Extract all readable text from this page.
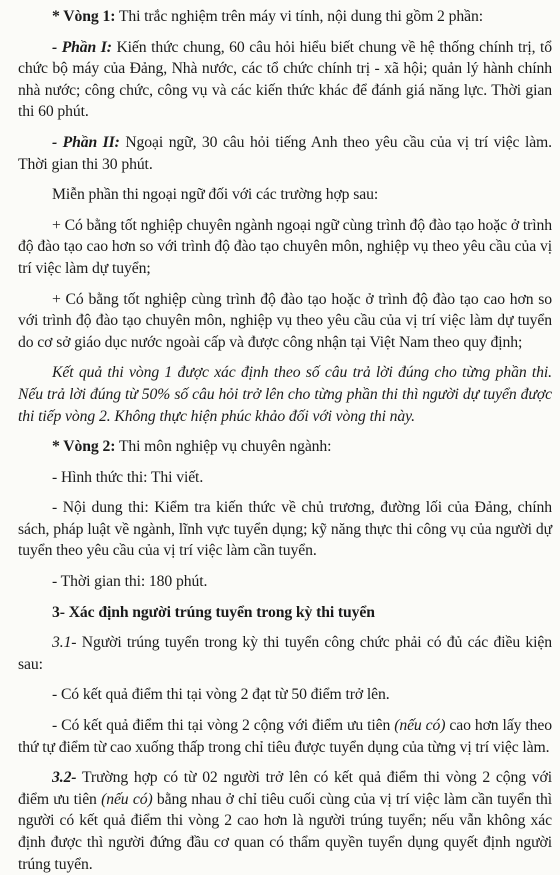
* Vòng 1: Thi trắc nghiệm trên máy vi tính, nội dung thi gồm 2 phần:

- Phần I: Kiến thức chung, 60 câu hỏi hiểu biết chung về hệ thống chính trị, tổ chức bộ máy của Đảng, Nhà nước, các tổ chức chính trị - xã hội; quản lý hành chính nhà nước; công chức, công vụ và các kiến thức khác để đánh giá năng lực. Thời gian thi 60 phút.

- Phần II: Ngoại ngữ, 30 câu hỏi tiếng Anh theo yêu cầu của vị trí việc làm. Thời gian thi 30 phút.

Miễn phần thi ngoại ngữ đối với các trường hợp sau:

+ Có bằng tốt nghiệp chuyên ngành ngoại ngữ cùng trình độ đào tạo hoặc ở trình độ đào tạo cao hơn so với trình độ đào tạo chuyên môn, nghiệp vụ theo yêu cầu của vị trí việc làm dự tuyển;

+ Có bằng tốt nghiệp cùng trình độ đào tạo hoặc ở trình độ đào tạo cao hơn so với trình độ đào tạo chuyên môn, nghiệp vụ theo yêu cầu của vị trí việc làm dự tuyển do cơ sở giáo dục nước ngoài cấp và được công nhận tại Việt Nam theo quy định;

Kết quả thi vòng 1 được xác định theo số câu trả lời đúng cho từng phần thi. Nếu trả lời đúng từ 50% số câu hỏi trở lên cho từng phần thi thì người dự tuyển được thi tiếp vòng 2. Không thực hiện phúc khảo đối với vòng thi này.

* Vòng 2: Thi môn nghiệp vụ chuyên ngành:

- Hình thức thi: Thi viết.

- Nội dung thi: Kiểm tra kiến thức về chủ trương, đường lối của Đảng, chính sách, pháp luật về ngành, lĩnh vực tuyển dụng; kỹ năng thực thi công vụ của người dự tuyển theo yêu cầu của vị trí việc làm cần tuyển.

- Thời gian thi: 180 phút.

3- Xác định người trúng tuyển trong kỳ thi tuyển

3.1- Người trúng tuyển trong kỳ thi tuyển công chức phải có đủ các điều kiện sau:

- Có kết quả điểm thi tại vòng 2 đạt từ 50 điểm trở lên.

- Có kết quả điểm thi tại vòng 2 cộng với điểm ưu tiên (nếu có) cao hơn lấy theo thứ tự điểm từ cao xuống thấp trong chỉ tiêu được tuyển dụng của từng vị trí việc làm.

3.2- Trường hợp có từ 02 người trở lên có kết quả điểm thi vòng 2 cộng với điểm ưu tiên (nếu có) bằng nhau ở chỉ tiêu cuối cùng của vị trí việc làm cần tuyển thì người có kết quả điểm thi vòng 2 cao hơn là người trúng tuyển; nếu vẫn không xác định được thì người đứng đầu cơ quan có thẩm quyền tuyển dụng quyết định người trúng tuyển.
